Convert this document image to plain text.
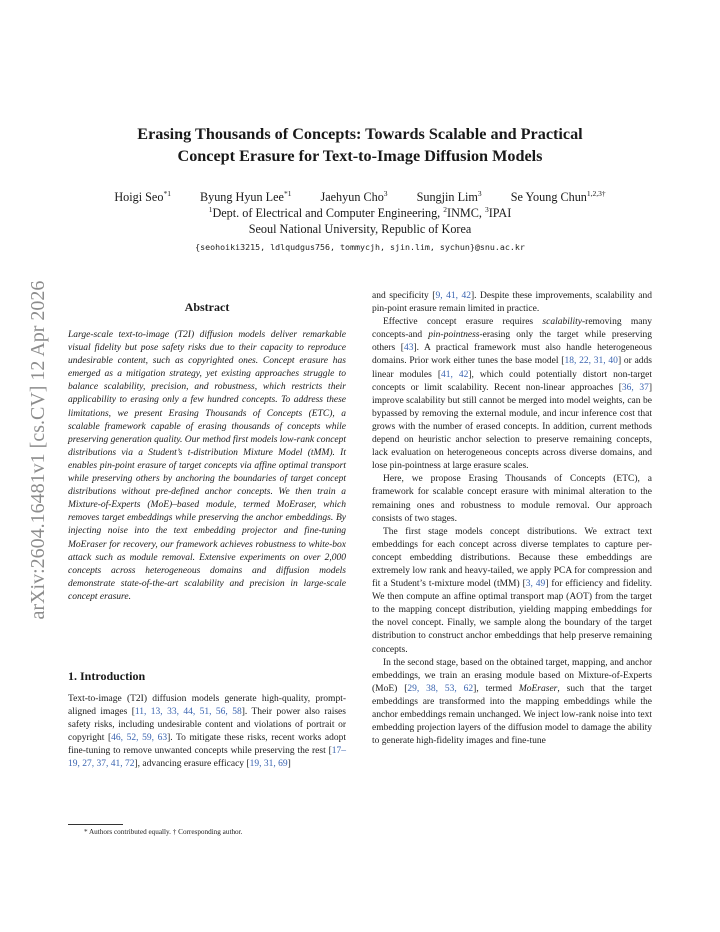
arXiv:2604.16481v1 [cs.CV] 12 Apr 2026
Erasing Thousands of Concepts: Towards Scalable and Practical
Concept Erasure for Text-to-Image Diffusion Models
Hoigi Seo$^{*1}$ Byung Hyun Lee$^{*1}$ Jaehyun Cho$^3$ Sungjin Lim$^3$ Se Young Chun$^{1,2,3\dagger}$
$^1$Dept. of Electrical and Computer Engineering, $^2$INMC, $^3$IPAI
Seoul National University, Republic of Korea
{seohoiki3215, ldlqudgus756, tommycjh, sjin.lim, sychun}@snu.ac.kr
Abstract

Large-scale text-to-image (T2I) diffusion models deliver remarkable visual fidelity but pose safety risks due to their capacity to reproduce undesirable content, such as copyrighted ones. Concept erasure has emerged as a mitigation strategy, yet existing approaches struggle to balance scalability, precision, and robustness, which restricts their applicability to erasing only a few hundred concepts. To address these limitations, we present Erasing Thousands of Concepts (ETC), a scalable framework capable of erasing thousands of concepts while preserving generation quality. Our method first models low-rank concept distributions via a Student’s t-distribution Mixture Model (tMM). It enables pin-point erasure of target concepts via affine optimal transport while preserving others by anchoring the boundaries of target concept distributions without pre-defined anchor concepts. We then train a Mixture-of-Experts (MoE)–based module, termed MoEraser, which removes target embeddings while preserving the anchor embeddings. By injecting noise into the text embedding projector and fine-tuning MoEraser for recovery, our framework achieves robustness to white-box attack such as module removal. Extensive experiments on over 2,000 concepts across heterogeneous domains and diffusion models demonstrate state-of-the-art scalability and precision in large-scale concept erasure.

1. Introduction

Text-to-image (T2I) diffusion models generate high-quality, prompt-aligned images [11, 13, 33, 44, 51, 56, 58]. Their power also raises safety risks, including undesirable content and violations of portrait or copyright [46, 52, 59, 63]. To mitigate these risks, recent works adopt fine-tuning to remove unwanted concepts while preserving the rest [17–19, 27, 37, 41, 72], advancing erasure efficacy [19, 31, 69]

* Authors contributed equally. † Corresponding author.

and specificity [9, 41, 42]. Despite these improvements, scalability and pin-point erasure remain limited in practice.

Effective concept erasure requires scalability-removing many concepts-and pin-pointness-erasing only the target while preserving others [43]. A practical framework must also handle heterogeneous domains. Prior work either tunes the base model [18, 22, 31, 40] or adds linear modules [41, 42], which could potentially distort non-target concepts or limit scalability. Recent non-linear approaches [36, 37] improve scalability but still cannot be merged into model weights, can be bypassed by removing the external module, and incur inference cost that grows with the number of erased concepts. In addition, current methods depend on heuristic anchor selection to preserve remaining concepts, lack evaluation on heterogeneous concepts across diverse domains, and lose pin-pointness at large erasure scales.

Here, we propose Erasing Thousands of Concepts (ETC), a framework for scalable concept erasure with minimal alteration to the remaining ones and robustness to module removal. Our approach consists of two stages.

The first stage models concept distributions. We extract text embeddings for each concept across diverse templates to capture per-concept embedding distributions. Because these embeddings are extremely low rank and heavy-tailed, we apply PCA for compression and fit a Student’s t-mixture model (tMM) [3, 49] for efficiency and fidelity. We then compute an affine optimal transport map (AOT) from the target to the mapping concept distribution, yielding mapping embeddings for the novel concept. Finally, we sample along the boundary of the target distribution to construct anchor embeddings that help preserve remaining concepts.

In the second stage, based on the obtained target, mapping, and anchor embeddings, we train an erasing module based on Mixture-of-Experts (MoE) [29, 38, 53, 62], termed MoEraser, such that the target embeddings are transformed into the mapping embeddings while the anchor embeddings remain unchanged. We inject low-rank noise into text embedding projection layers of the diffusion model to damage the ability to generate high-fidelity images and fine-tune
